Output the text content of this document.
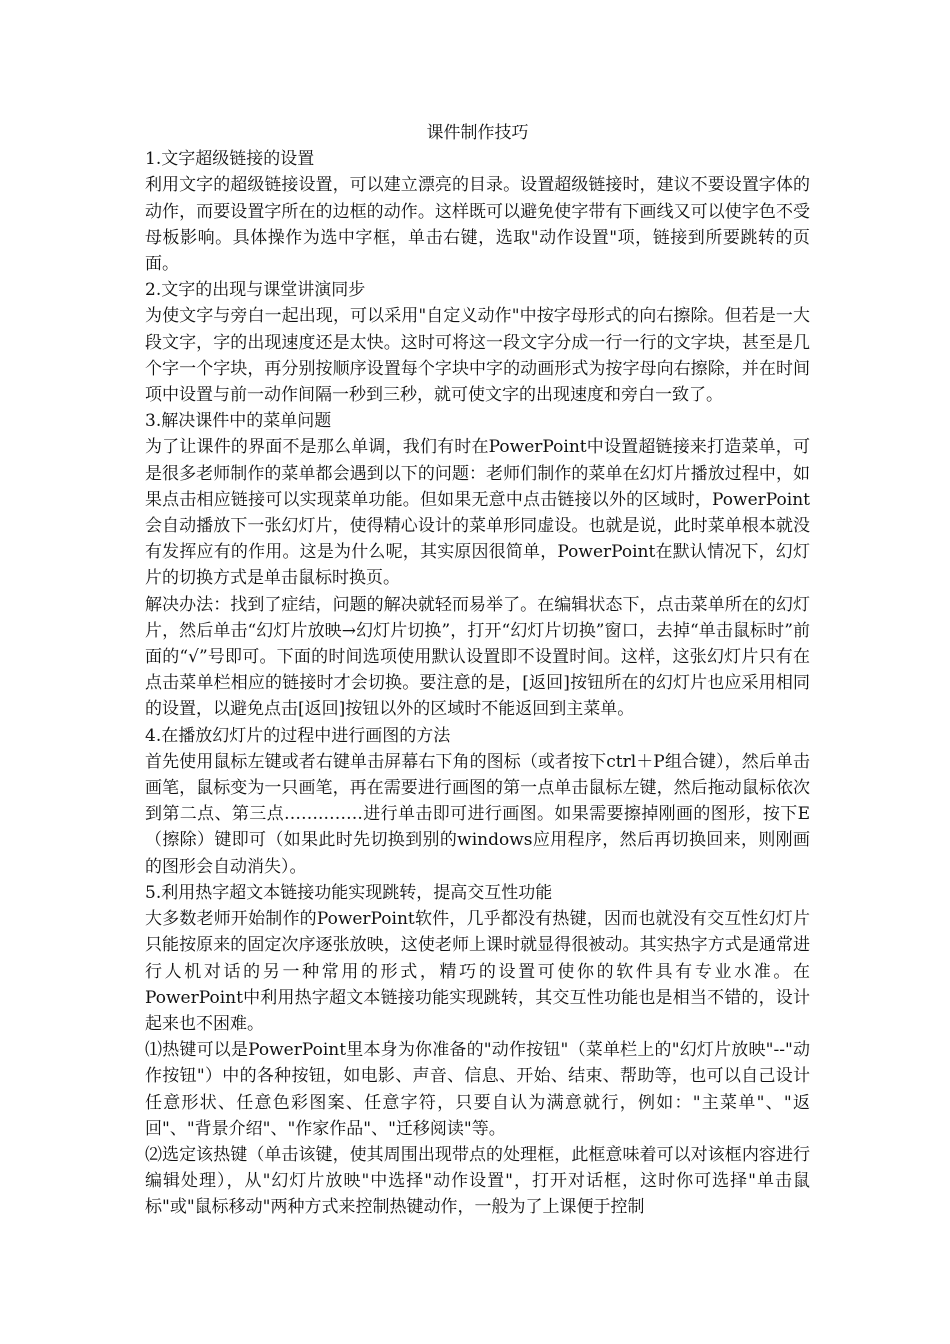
课件制作技巧

1.文字超级链接的设置

利用文字的超级链接设置，可以建立漂亮的目录。设置超级链接时，建议不要设置字体的动作，而要设置字所在的边框的动作。这样既可以避免使字带有下画线又可以使字色不受母板影响。具体操作为选中字框，单击右键，选取"动作设置"项，链接到所要跳转的页面。

2.文字的出现与课堂讲演同步

为使文字与旁白一起出现，可以采用"自定义动作"中按字母形式的向右擦除。但若是一大段文字，字的出现速度还是太快。这时可将这一段文字分成一行一行的文字块，甚至是几个字一个字块，再分别按顺序设置每个字块中字的动画形式为按字母向右擦除，并在时间项中设置与前一动作间隔一秒到三秒，就可使文字的出现速度和旁白一致了。

3.解决课件中的菜单问题

为了让课件的界面不是那么单调，我们有时在PowerPoint中设置超链接来打造菜单，可是很多老师制作的菜单都会遇到以下的问题：老师们制作的菜单在幻灯片播放过程中，如果点击相应链接可以实现菜单功能。但如果无意中点击链接以外的区域时，PowerPoint会自动播放下一张幻灯片，使得精心设计的菜单形同虚设。也就是说，此时菜单根本就没有发挥应有的作用。这是为什么呢，其实原因很简单，PowerPoint在默认情况下，幻灯片的切换方式是单击鼠标时换页。

解决办法：找到了症结，问题的解决就轻而易举了。在编辑状态下，点击菜单所在的幻灯片，然后单击“幻灯片放映→幻灯片切换”，打开“幻灯片切换”窗口，去掉“单击鼠标时”前面的“√”号即可。下面的时间选项使用默认设置即不设置时间。这样，这张幻灯片只有在点击菜单栏相应的链接时才会切换。要注意的是，[返回]按钮所在的幻灯片也应采用相同的设置，以避免点击[返回]按钮以外的区域时不能返回到主菜单。

4.在播放幻灯片的过程中进行画图的方法

首先使用鼠标左键或者右键单击屏幕右下角的图标（或者按下ctrl＋P组合键），然后单击画笔，鼠标变为一只画笔，再在需要进行画图的第一点单击鼠标左键，然后拖动鼠标依次到第二点、第三点…….…….进行单击即可进行画图。如果需要擦掉刚画的图形，按下E（擦除）键即可（如果此时先切换到别的windows应用程序，然后再切换回来，则刚画的图形会自动消失）。

5.利用热字超文本链接功能实现跳转，提高交互性功能

大多数老师开始制作的PowerPoint软件，几乎都没有热键，因而也就没有交互性幻灯片只能按原来的固定次序逐张放映，这使老师上课时就显得很被动。其实热字方式是通常进行人机对话的另一种常用的形式，精巧的设置可使你的软件具有专业水准。在PowerPoint中利用热字超文本链接功能实现跳转，其交互性功能也是相当不错的，设计起来也不困难。

⑴热键可以是PowerPoint里本身为你准备的"动作按钮"（菜单栏上的"幻灯片放映"--"动作按钮"）中的各种按钮，如电影、声音、信息、开始、结束、帮助等，也可以自己设计任意形状、任意色彩图案、任意字符，只要自认为满意就行，例如："主菜单"、"返回"、"背景介绍"、"作家作品"、"迁移阅读"等。

⑵选定该热键（单击该键，使其周围出现带点的处理框，此框意味着可以对该框内容进行编辑处理），从"幻灯片放映"中选择"动作设置"，打开对话框，这时你可选择"单击鼠标"或"鼠标移动"两种方式来控制热键动作，一般为了上课便于控制
